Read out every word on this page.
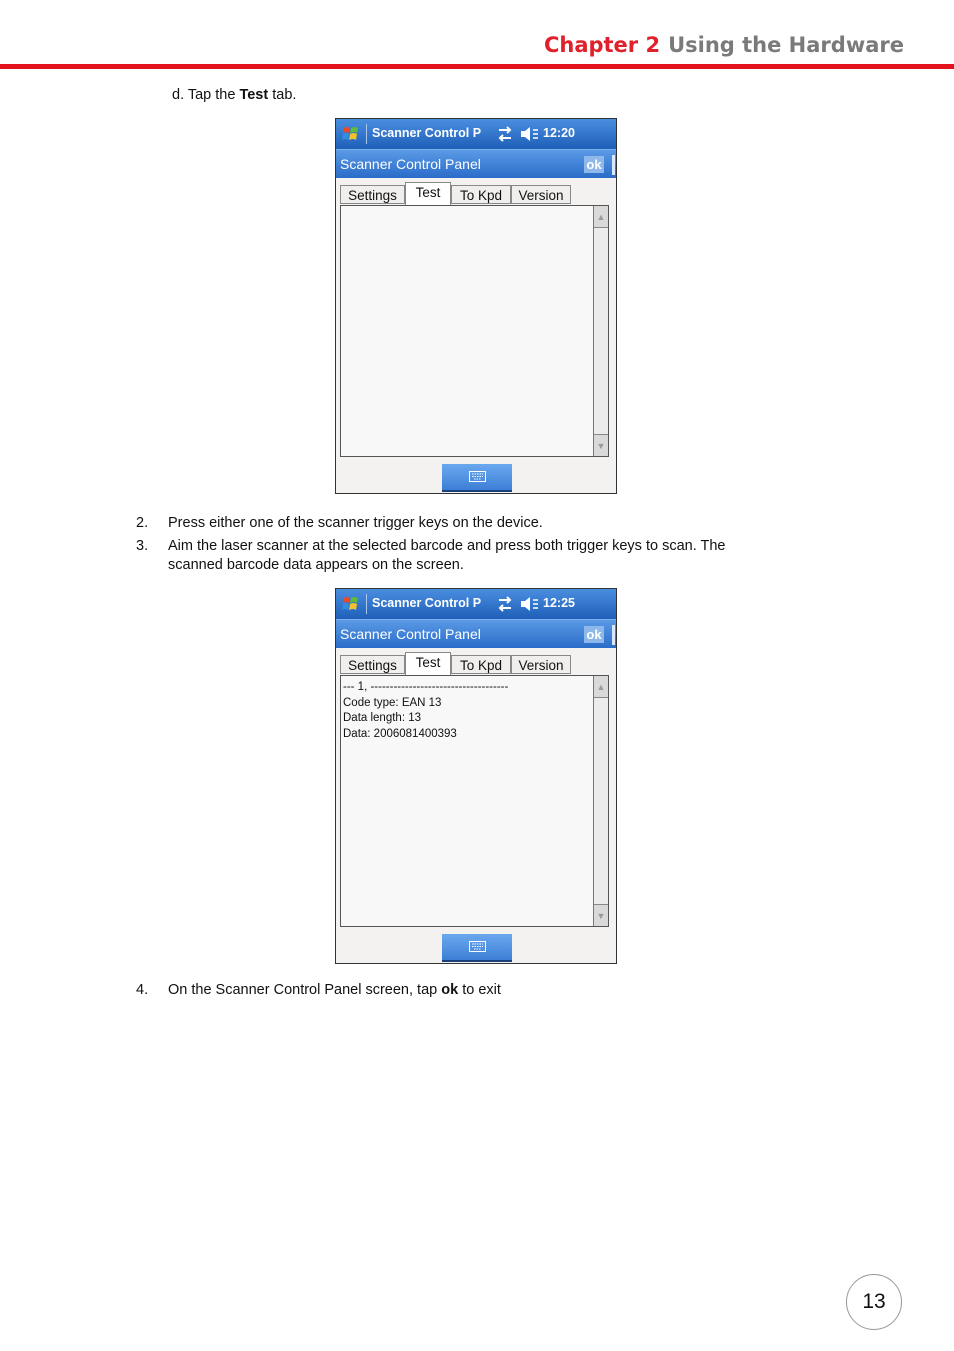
Chapter 2 Using the Hardware
d. Tap the Test tab.
Scanner Control P	12:20
Scanner Control Panel	ok
Settings	Test	To Kpd	Version
▲
▼
2. Press either one of the scanner trigger keys on the device.
3. Aim the laser scanner at the selected barcode and press both trigger keys to scan. The
scanned barcode data appears on the screen.
Scanner Control P	12:25
Scanner Control Panel	ok
Settings	Test	To Kpd	Version
--- 1, ------------------------------------
Code type: EAN 13
Data length: 13
Data: 2006081400393
▲
▼
4. On the Scanner Control Panel screen, tap ok to exit
13
